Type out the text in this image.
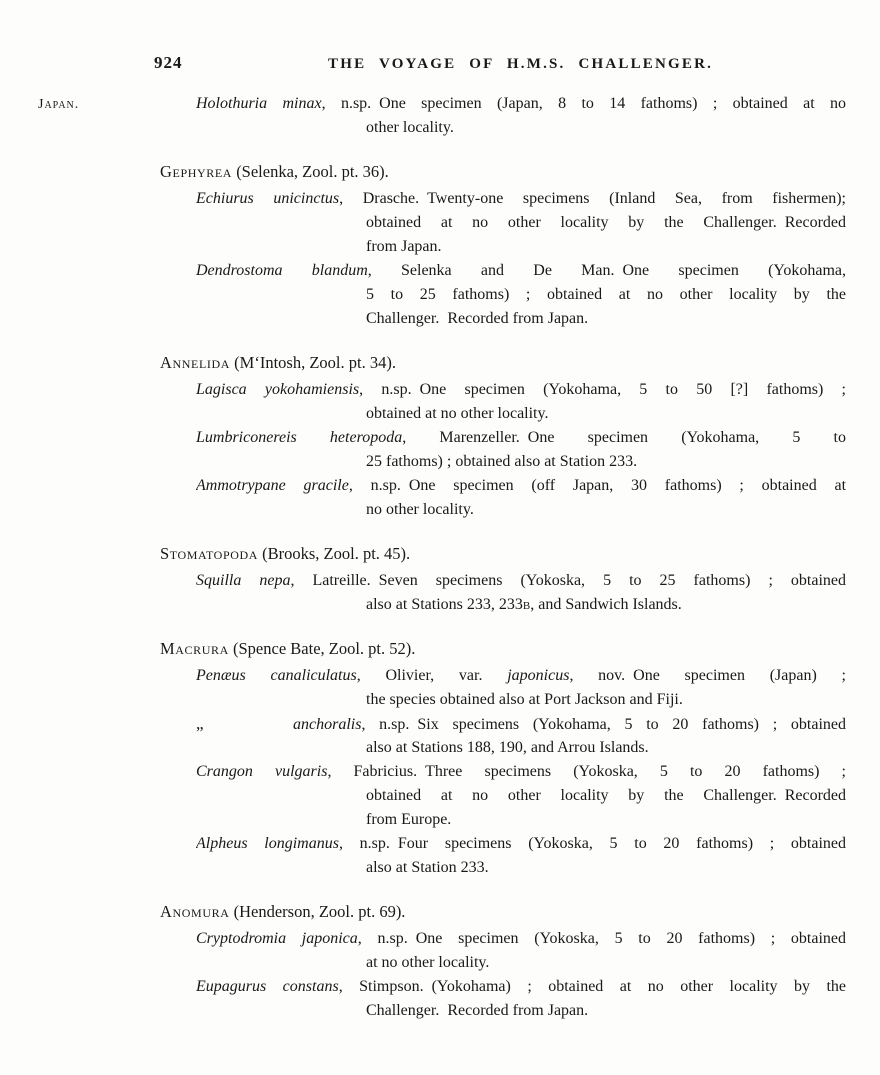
924	THE VOYAGE OF H.M.S. CHALLENGER.
Japan.	Holothuria minax, n.sp. One specimen (Japan, 8 to 14 fathoms) ; obtained at no
other locality.
Gephyrea (Selenka, Zool. pt. 36).
Echiurus unicinctus, Drasche. Twenty-one specimens (Inland Sea, from fishermen);
obtained at no other locality by the Challenger. Recorded
from Japan.
Dendrostoma blandum, Selenka and De Man. One specimen (Yokohama,
5 to 25 fathoms) ; obtained at no other locality by the
Challenger. Recorded from Japan.
Annelida (M‘Intosh, Zool. pt. 34).
Lagisca yokohamiensis, n.sp. One specimen (Yokohama, 5 to 50 [?] fathoms) ;
obtained at no other locality.
Lumbriconereis heteropoda, Marenzeller. One specimen (Yokohama, 5 to
25 fathoms) ; obtained also at Station 233.
Ammotrypane gracile, n.sp. One specimen (off Japan, 30 fathoms) ; obtained at
no other locality.
Stomatopoda (Brooks, Zool. pt. 45).
Squilla nepa, Latreille. Seven specimens (Yokoska, 5 to 25 fathoms) ; obtained
also at Stations 233, 233b, and Sandwich Islands.
Macrura (Spence Bate, Zool. pt. 52).
Penæus canaliculatus, Olivier, var. japonicus, nov. One specimen (Japan) ;
the species obtained also at Port Jackson and Fiji.
„	anchoralis, n.sp. Six specimens (Yokohama, 5 to 20 fathoms) ; obtained
also at Stations 188, 190, and Arrou Islands.
Crangon vulgaris, Fabricius. Three specimens (Yokoska, 5 to 20 fathoms) ;
obtained at no other locality by the Challenger. Recorded
from Europe.
Alpheus longimanus, n.sp. Four specimens (Yokoska, 5 to 20 fathoms) ; obtained
also at Station 233.
Anomura (Henderson, Zool. pt. 69).
Cryptodromia japonica, n.sp. One specimen (Yokoska, 5 to 20 fathoms) ; obtained
at no other locality.
Eupagurus constans, Stimpson. (Yokohama) ; obtained at no other locality by the
Challenger. Recorded from Japan.
